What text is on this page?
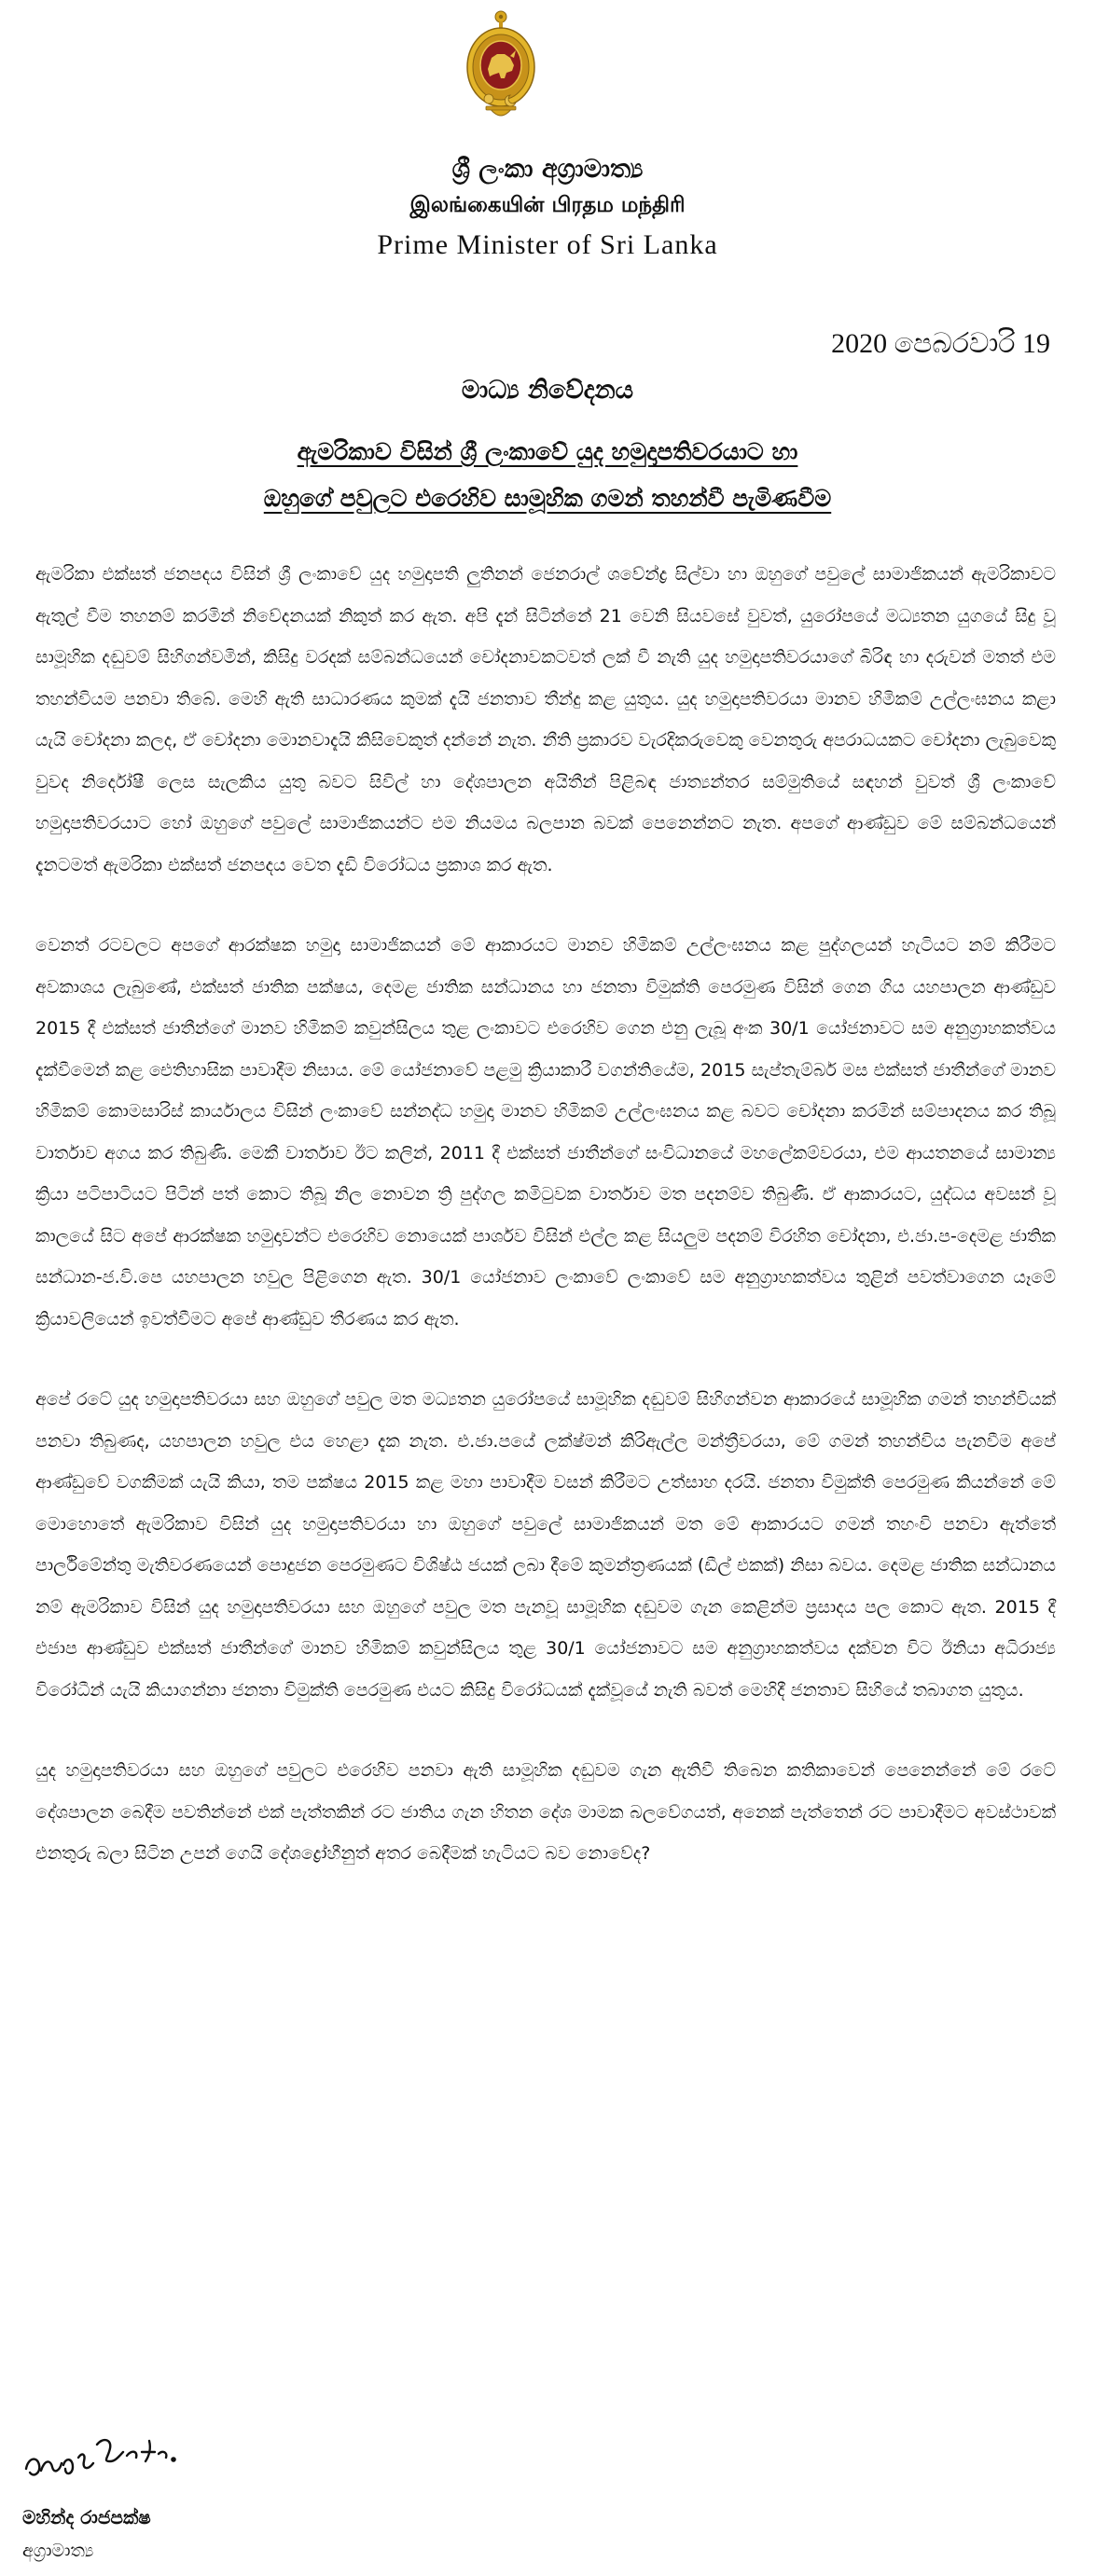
ශ්‍රී ලංකා අග්‍රාමාත්‍ය
இலங்கையின் பிரதம மந்திரி
Prime Minister of Sri Lanka
2020 පෙබරවාරි 19
මාධ්‍ය නිවේදනය
ඇමරිකාව විසින් ශ්‍රී ලංකාවේ යුද හමුදාපතිවරයාට හා
ඔහුගේ පවුලට එරෙහිව සාමූහික ගමන් තහන්වී පැමිණවීම

ඇමරිකා එක්සත් ජනපදය විසින් ශ්‍රී ලංකාවේ යුද හමුදාපති ලුතිනන් ජෙනරාල් ශවේන්ද්‍ර සිල්වා හා ඔහුගේ පවුලේ සාමාජිකයන් ඇමරිකාවට ඇතුල් වීම තහනම් කරමින් නිවේදනයක් නිකුත් කර ඇත. අපි දැන් සිටින්නේ 21 වෙනි සියවසේ වුවත්, යුරෝපයේ මධ්‍යතන යුගයේ සිදු වූ සාමූහික දඬුවම් සිහිගන්වමින්, කිසිදු වරදක් සම්බන්ධයෙන් චෝදනාවකටවත් ලක් වී නැති යුද හමුදාපතිවරයාගේ බිරිඳ හා දරුවන් මතත් එම තහන්වියම පනවා තිබේ. මෙහි ඇති සාධාරණය කුමක් දැයි ජනතාව තීන්දු කළ යුතුය. යුද හමුදාපතිවරයා මානව හිමිකම් උල්ලංඝනය කළා යැයි චෝදනා කලද, ඒ චෝදනා මොනවාදැයි කිසිවෙකුත් දන්නේ නැත. නීති ප්‍රකාරව වැරදිකරුවෙකු වෙනතුරු අපරාධයකට චෝදනා ලැබුවෙකු වුවද නිර්දෝෂී ලෙස සැලකිය යුතු බවට සිවිල් හා දේශපාලන අයිතීන් පිළිබඳ ජාත්‍යන්තර සම්මුතියේ සඳහන් වුවත් ශ්‍රී ලංකාවේ හමුදාපතිවරයාට හෝ ඔහුගේ පවුලේ සාමාජිකයන්ට එම නියමය බලපාන බවක් පෙනෙන්නට නැත. අපගේ ආණ්ඩුව මේ සම්බන්ධයෙන් දැනටමත් ඇමරිකා එක්සත් ජනපදය වෙත දැඩි විරෝධය ප්‍රකාශ කර ඇත.

වෙනත් රටවලට අපගේ ආරක්ෂක හමුදා සාමාජිකයන් මේ ආකාරයට මානව හිමිකම් උල්ලංඝනය කළ පුද්ගලයන් හැටියට නම් කිරීමට අවකාශය ලැබුණේ, එක්සත් ජාතික පක්ෂය, දෙමළ ජාතික සන්ධානය හා ජනතා විමුක්ති පෙරමුණ විසින් ගෙන ගිය යහපාලන ආණ්ඩුව 2015 දී එක්සත් ජාතීන්ගේ මානව හිමිකම් කවුන්සිලය තුළ ලංකාවට එරෙහිව ගෙන එනු ලැබූ අංක 30/1 යෝජනාවට සම අනුග්‍රාහකත්වය දැක්වීමෙන් කළ ඓතිහාසික පාවාදීම නිසාය. මේ යෝජනාවේ පළමු ක්‍රියාකාරී වගන්තියේම, 2015 සැප්තැම්බර් මස එක්සත් ජාතීන්ගේ මානව හිමිකම් කොමසාරිස් කාර්යාලය විසින් ලංකාවේ සන්නද්ධ හමුදා මානව හිමිකම් උල්ලංඝනය කළ බවට චෝදනා කරමින් සම්පාදනය කර තිබූ වාර්තාව අගය කර තිබුණි. මෙකී වාර්තාව ඊට කලින්, 2011 දී එක්සත් ජාතීන්ගේ සංවිධානයේ මහලේකම්වරයා, එම ආයතනයේ සාමාන්‍ය ක්‍රියා පටිපාටියට පිටින් පත් කොට තිබූ නිල නොවන ත්‍රි පුද්ගල කමිටුවක වාර්තාව මත පදනම්ව තිබුණි. ඒ ආකාරයට, යුද්ධය අවසන් වූ කාලයේ සිට අපේ ආරක්ෂක හමුදාවන්ට එරෙහිව නොයෙක් පාර්ශව විසින් එල්ල කළ සියලුම පදනම් විරහිත චෝදනා, එ.ජා.ප-දෙමළ ජාතික සන්ධාන-ජ.වි.පෙ යහපාලන හවුල පිළිගෙන ඇත. 30/1 යෝජනාව ලංකාවේ ලංකාවේ සම අනුග්‍රාහකත්වය තුළින් පවත්වාගෙන යෑමේ ක්‍රියාවලියෙන් ඉවත්වීමට අපේ ආණ්ඩුව තීරණය කර ඇත.

අපේ රටේ යුද හමුදාපතිවරයා සහ ඔහුගේ පවුල මත මධ්‍යතන යුරෝපයේ සාමූහික දඬුවම් සිහිගන්වන ආකාරයේ සාමූහික ගමන් තහන්වියක් පනවා තිබුණද, යහපාලන හවුල එය හෙළා දැක නැත. එ.ජා.පයේ ලක්ෂ්මන් කිරිඇල්ල මන්ත්‍රීවරයා, මේ ගමන් තහන්විය පැනවීම අපේ ආණ්ඩුවේ වගකීමක් යැයි කියා, තම පක්ෂය 2015 කළ මහා පාවාදීම වසන් කිරීමට උත්සාහ දරයි. ජනතා විමුක්ති පෙරමුණ කියන්නේ මේ මොහොතේ ඇමරිකාව විසින් යුද හමුදාපතිවරයා හා ඔහුගේ පවුලේ සාමාජිකයන් මත මේ ආකාරයට ගමන් තහංවි පනවා ඇත්තේ පාර්ලිමේන්තු මැතිවරණයෙන් පොදුජන පෙරමුණට විශිෂ්ඨ ජයක් ලබා දීමේ කුමන්ත්‍රණයක් (ඩීල් එකක්) නිසා බවය. දෙමළ ජාතික සන්ධානය නම් ඇමරිකාව විසින් යුද හමුදාපතිවරයා සහ ඔහුගේ පවුල මත පැනවූ සාමූහික දඬුවම ගැන කෙළින්ම ප්‍රසාදය පල කොට ඇත. 2015 දී එජාප ආණ්ඩුව එක්සත් ජාතීන්ගේ මානව හිමිකම් කවුන්සිලය තුළ 30/1 යෝජනාවට සම අනුග්‍රාහකත්වය දක්වන විට ඊනියා අධිරාජ්‍ය විරෝධීන් යැයි කියාගන්නා ජනතා විමුක්ති පෙරමුණ එයට කිසිදු විරෝධයක් දැක්වූයේ නැති බවත් මෙහිදී ජනතාව සිහියේ තබාගත යුතුය.

යුද හමුදාපතිවරයා සහ ඔහුගේ පවුලට එරෙහිව පනවා ඇති සාමූහික දඬුවම ගැන ඇතිවී තිබෙන කතිකාවෙන් පෙනෙන්නේ මේ රටේ දේශපාලන බෙදීම පවතින්නේ එක් පැත්තකින් රට ජාතිය ගැන හිතන දේශ මාමක බලවේගයත්, අනෙක් පැත්තෙන් රට පාවාදීමට අවස්ථාවක් එනතුරු බලා සිටින උපන් ගෙයි දේශද්‍රෝහීනුත් අතර බෙදීමක් හැටියට බව නොවේද?

මහින්ද රාජපක්ෂ
අග්‍රාමාත්‍ය
